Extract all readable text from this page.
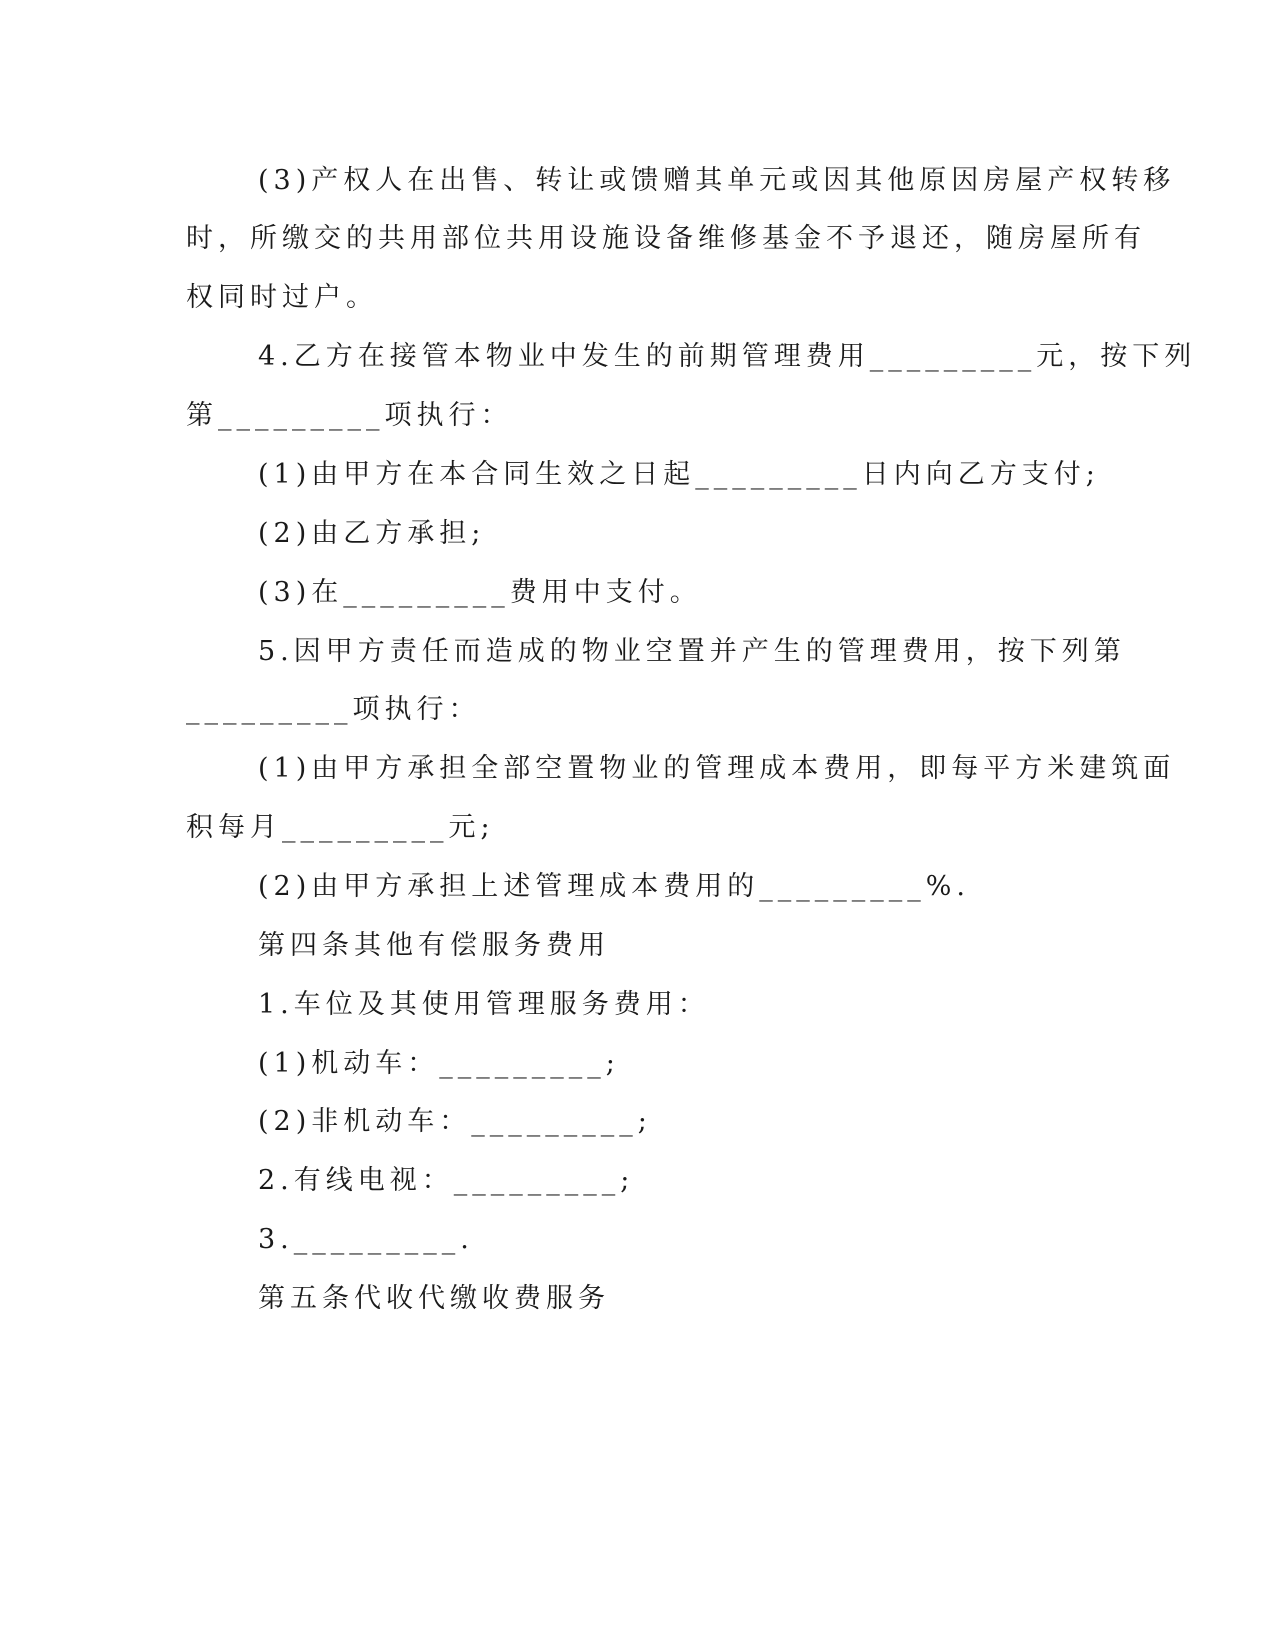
(3)产权人在出售、转让或馈赠其单元或因其他原因房屋产权转移
时，所缴交的共用部位共用设施设备维修基金不予退还，随房屋所有
权同时过户。
4.乙方在接管本物业中发生的前期管理费用_________元，按下列
第_________项执行：
(1)由甲方在本合同生效之日起_________日内向乙方支付;
(2)由乙方承担;
(3)在_________费用中支付。
5.因甲方责任而造成的物业空置并产生的管理费用，按下列第
_________项执行：
(1)由甲方承担全部空置物业的管理成本费用，即每平方米建筑面
积每月_________元;
(2)由甲方承担上述管理成本费用的_________%.
第四条其他有偿服务费用
1.车位及其使用管理服务费用：
(1)机动车：_________;
(2)非机动车：_________;
2.有线电视：_________;
3._________.
第五条代收代缴收费服务
